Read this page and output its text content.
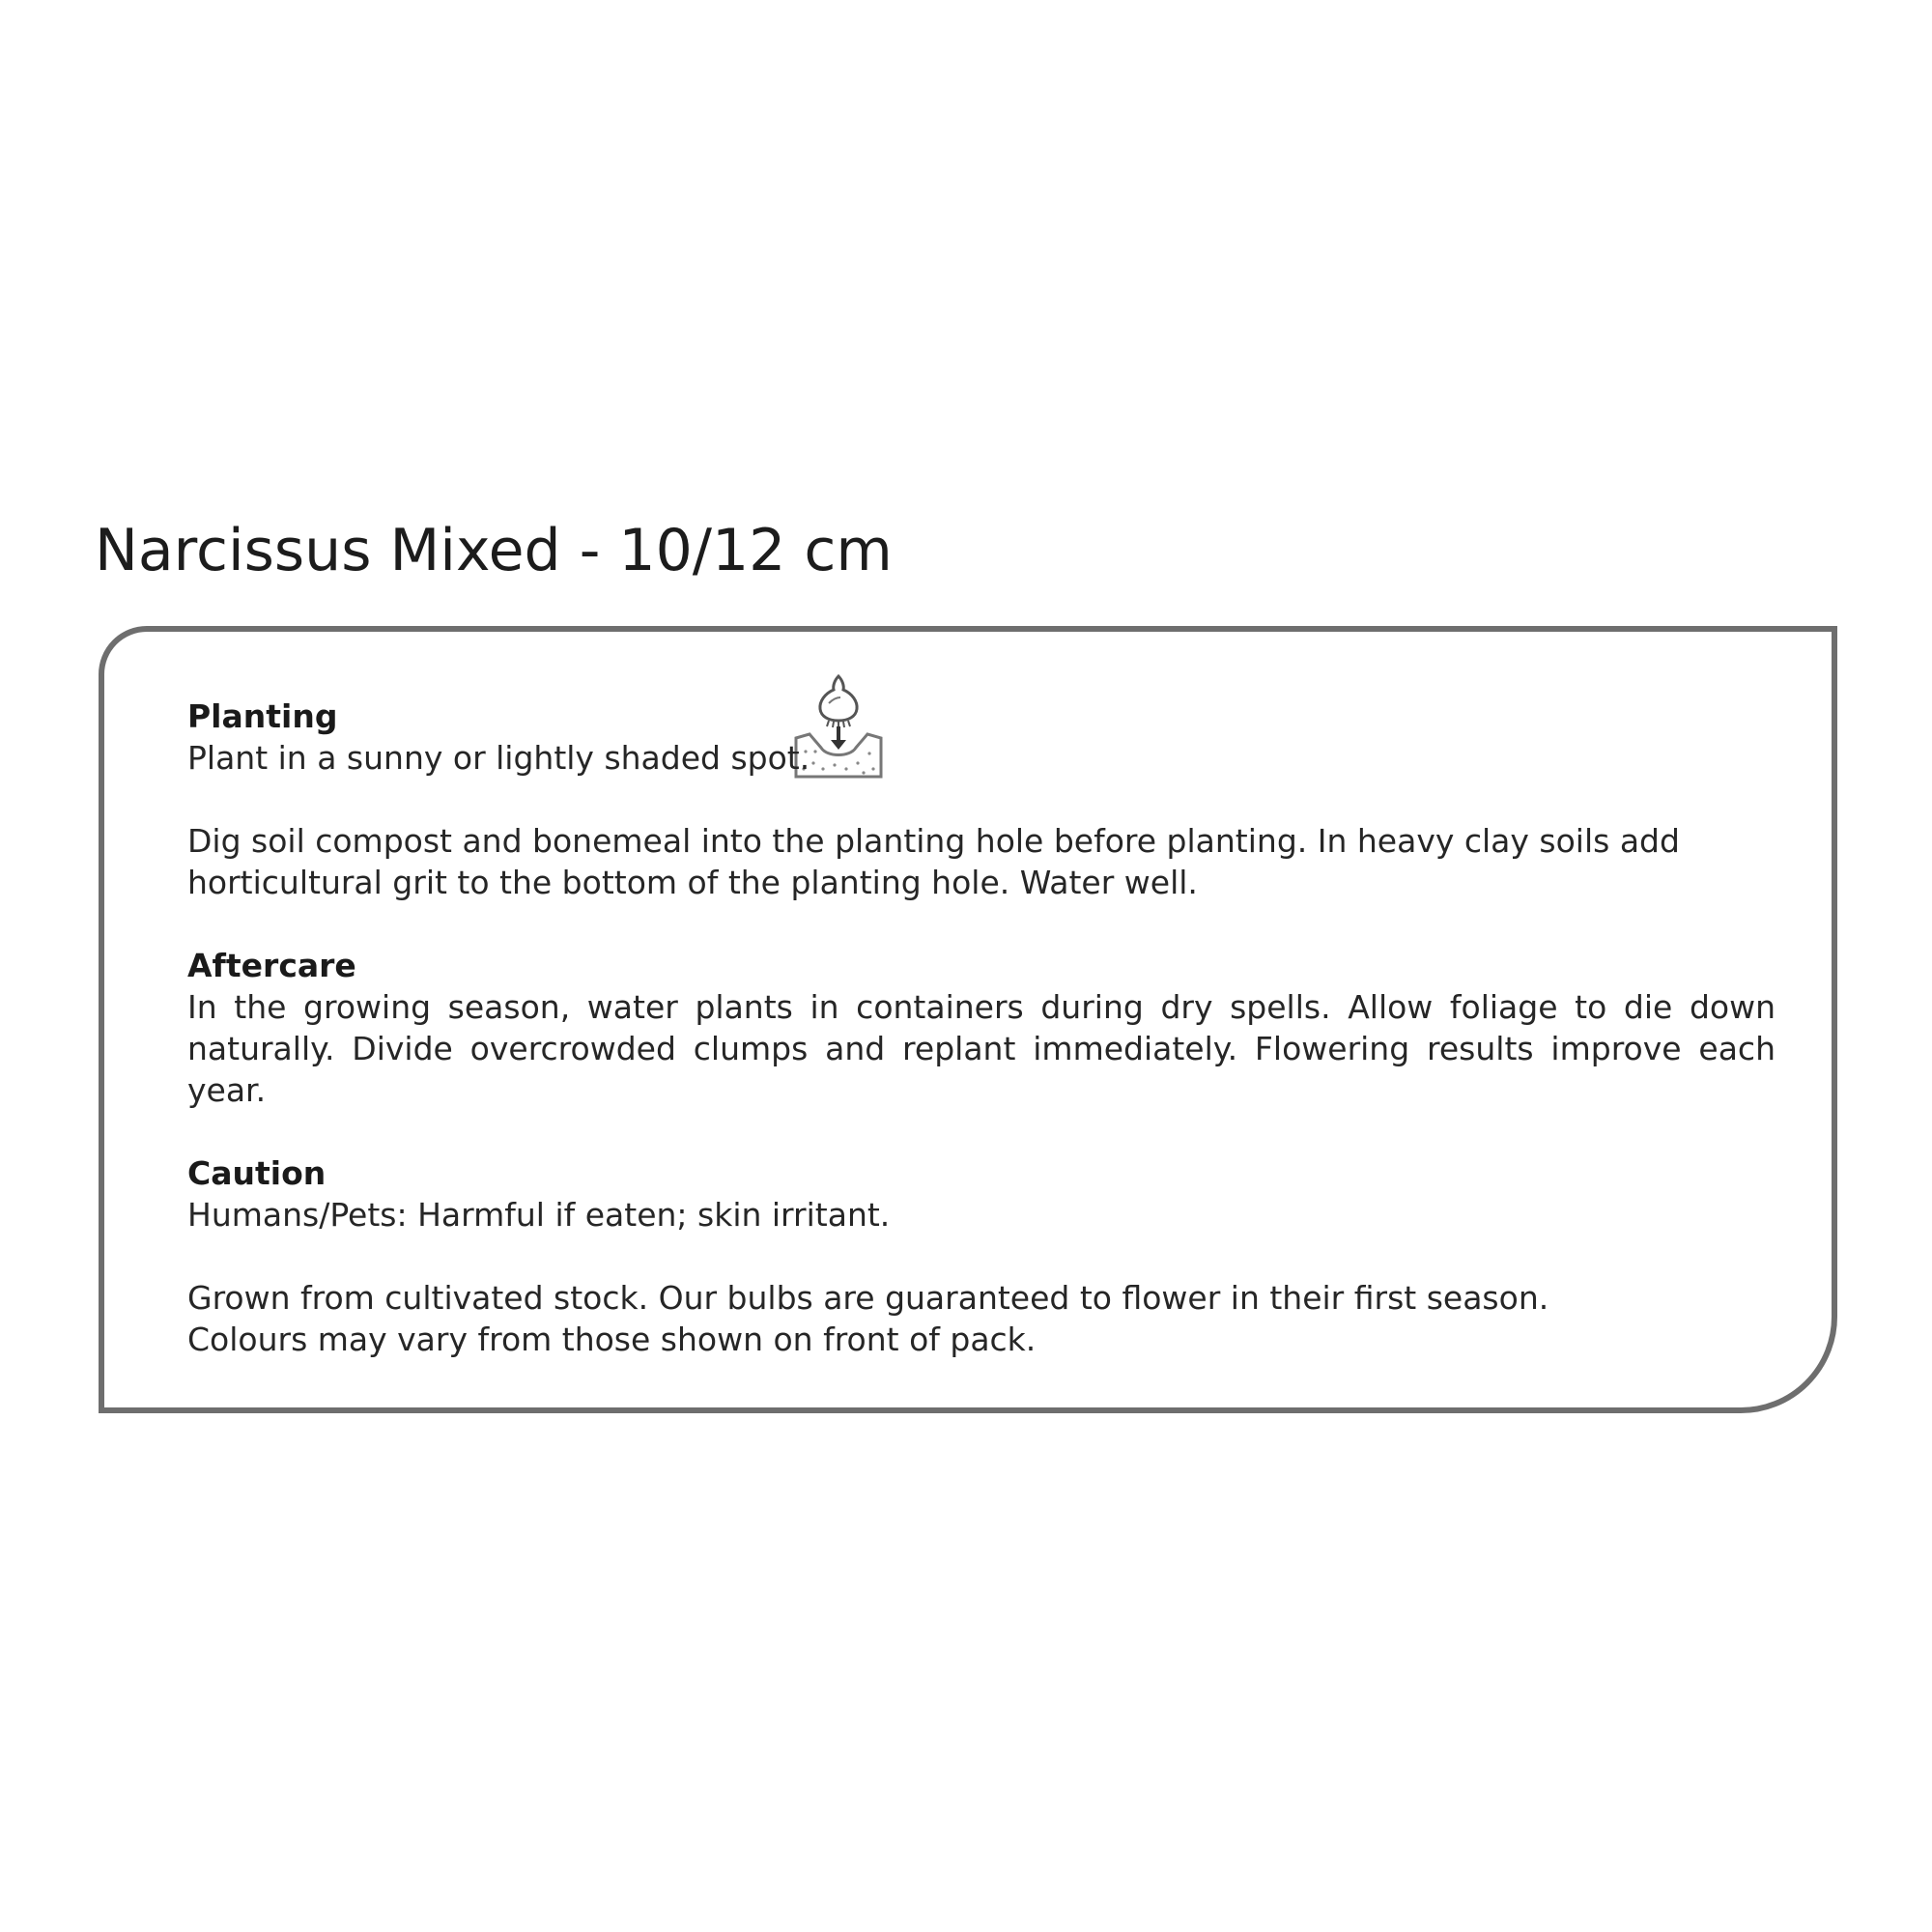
Narcissus Mixed - 10/12 cm
Planting

Plant in a sunny or lightly shaded spot.

Dig soil compost and bonemeal into the planting hole before planting. In heavy clay soils add horticultural grit to the bottom of the planting hole. Water well.

Aftercare

In the growing season, water plants in containers during dry spells. Allow foliage to die down naturally. Divide overcrowded clumps and replant immediately. Flowering results improve each year.

Caution

Humans/Pets: Harmful if eaten; skin irritant.

Grown from cultivated stock. Our bulbs are guaranteed to flower in their first season.

Colours may vary from those shown on front of pack.
